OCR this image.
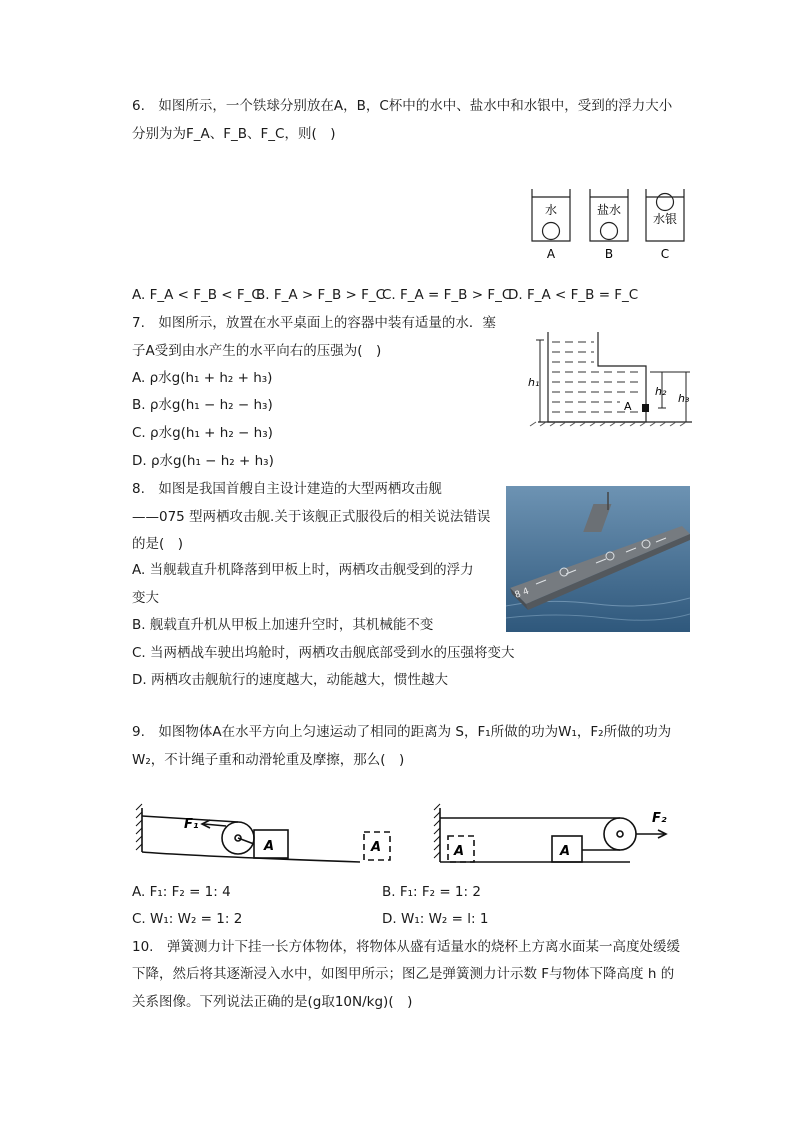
6.　如图所示，一个铁球分别放在A，B，C杯中的水中、盐水中和水银中，受到的浮力大小
分别为为F_A、F_B、F_C，则(　)
水	盐水
水银
A	B	C
A. F_A < F_B < F_C
B. F_A > F_B > F_C
C. F_A = F_B > F_C
D. F_A < F_B = F_C
7.　如图所示，放置在水平桌面上的容器中装有适量的水．塞
子A受到由水产生的水平向右的压强为(　)
A. ρ水g(h₁ + h₂ + h₃)
B. ρ水g(h₁ − h₂ − h₃)
C. ρ水g(h₁ + h₂ − h₃)
D. ρ水g(h₁ − h₂ + h₃)
A
h₁
h₂
h₃
8.　如图是我国首艘自主设计建造的大型两栖攻击舰
——075 型两栖攻击舰.关于该舰正式服役后的相关说法错误
的是(　)
A. 当舰载直升机降落到甲板上时，两栖攻击舰受到的浮力
变大
B. 舰载直升机从甲板上加速升空时，其机械能不变
C. 当两栖战车驶出坞舱时，两栖攻击舰底部受到水的压强将变大
D. 两栖攻击舰航行的速度越大，动能越大，惯性越大
8 4
9.　如图物体A在水平方向上匀速运动了相同的距离为 S，F₁所做的功为W₁，F₂所做的功为
W₂，不计绳子重和动滑轮重及摩擦，那么(　)
F₁
A	A
F₂
A
A
A. F₁: F₂ = 1: 4	B. F₁: F₂ = 1: 2
C. W₁: W₂ = 1: 2	D. W₁: W₂ = l: 1
10.　弹簧测力计下挂一长方体物体，将物体从盛有适量水的烧杯上方离水面某一高度处缓缓
下降，然后将其逐渐浸入水中，如图甲所示；图乙是弹簧测力计示数 F与物体下降高度 h 的
关系图像。下列说法正确的是(g取10N/kg)(　)
